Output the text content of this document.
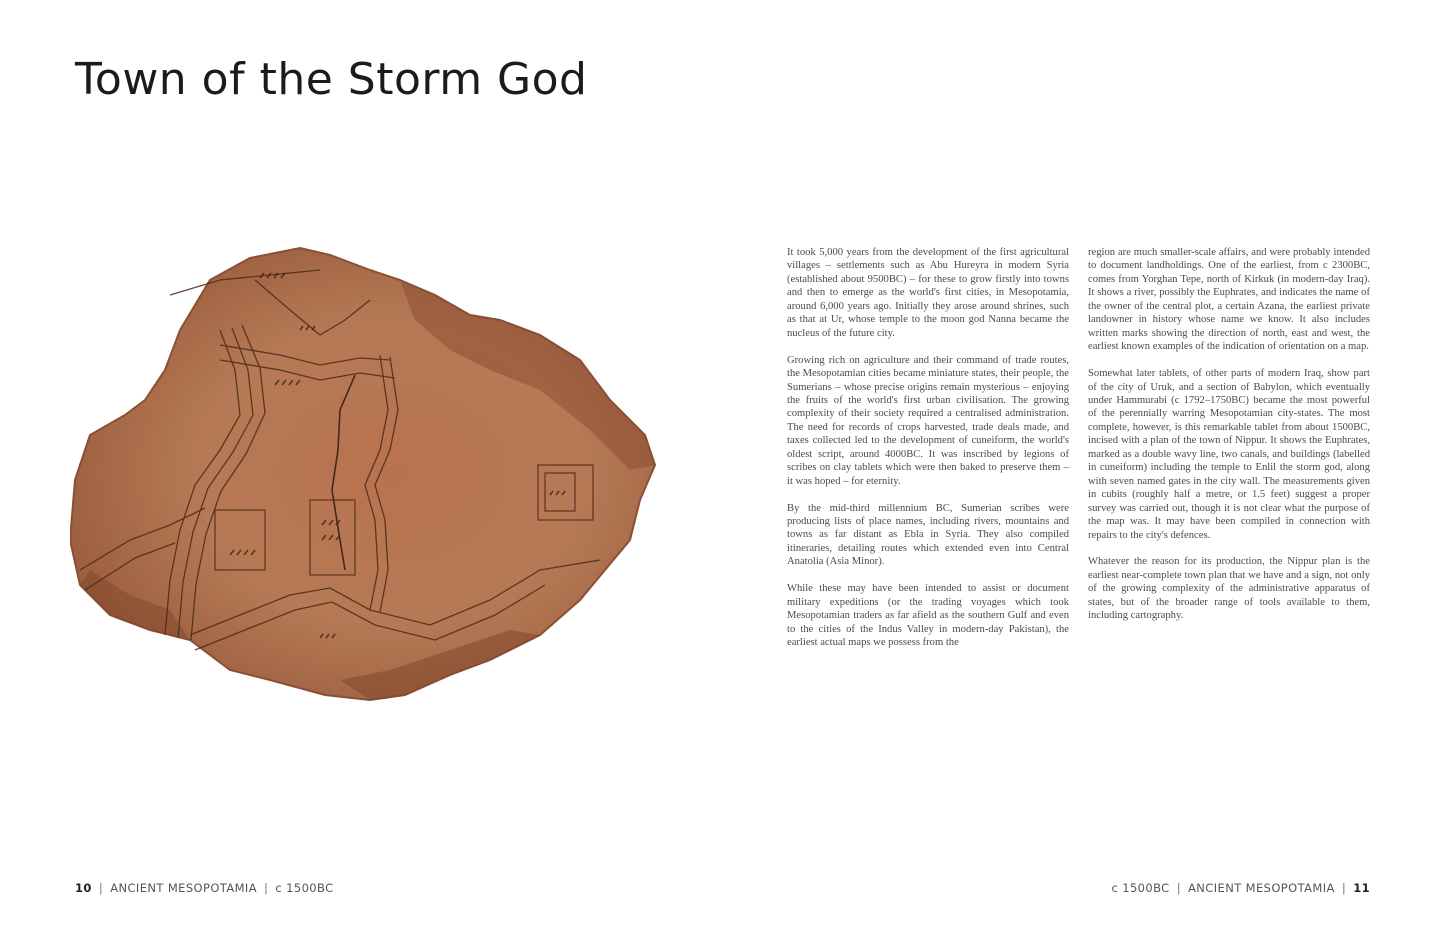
Town of the Storm God

It took 5,000 years from the development of the first agricultural villages – settlements such as Abu Hureyra in modern Syria (established about 9500BC) – for these to grow firstly into towns and then to emerge as the world's first cities, in Mesopotamia, around 6,000 years ago. Initially they arose around shrines, such as that at Ur, whose temple to the moon god Nanna became the nucleus of the future city.

Growing rich on agriculture and their command of trade routes, the Mesopotamian cities became miniature states, their people, the Sumerians – whose precise origins remain mysterious – enjoying the fruits of the world's first urban civilisation. The growing complexity of their society required a centralised administration. The need for records of crops harvested, trade deals made, and taxes collected led to the development of cuneiform, the world's oldest script, around 4000BC. It was inscribed by legions of scribes on clay tablets which were then baked to preserve them – it was hoped – for eternity.

By the mid-third millennium BC, Sumerian scribes were producing lists of place names, including rivers, mountains and towns as far distant as Ebla in Syria. They also compiled itineraries, detailing routes which extended even into Central Anatolia (Asia Minor).

While these may have been intended to assist or document military expeditions (or the trading voyages which took Mesopotamian traders as far afield as the southern Gulf and even to the cities of the Indus Valley in modern-day Pakistan), the earliest actual maps we possess from the

region are much smaller-scale affairs, and were probably intended to document landholdings. One of the earliest, from c 2300BC, comes from Yorghan Tepe, north of Kirkuk (in modern-day Iraq). It shows a river, possibly the Euphrates, and indicates the name of the owner of the central plot, a certain Azana, the earliest private landowner in history whose name we know. It also includes written marks showing the direction of north, east and west, the earliest known examples of the indication of orientation on a map.

Somewhat later tablets, of other parts of modern Iraq, show part of the city of Uruk, and a section of Babylon, which eventually under Hammurabi (c 1792–1750BC) became the most powerful of the perennially warring Mesopotamian city-states. The most complete, however, is this remarkable tablet from about 1500BC, incised with a plan of the town of Nippur. It shows the Euphrates, marked as a double wavy line, two canals, and buildings (labelled in cuneiform) including the temple to Enlil the storm god, along with seven named gates in the city wall. The measurements given in cubits (roughly half a metre, or 1.5 feet) suggest a proper survey was carried out, though it is not clear what the purpose of the map was. It may have been compiled in connection with repairs to the city's defences.

Whatever the reason for its production, the Nippur plan is the earliest near-complete town plan that we have and a sign, not only of the growing complexity of the administrative apparatus of states, but of the broader range of tools available to them, including cartography.

10 | ANCIENT MESOPOTAMIA | c 1500BC	c 1500BC | ANCIENT MESOPOTAMIA | 11
